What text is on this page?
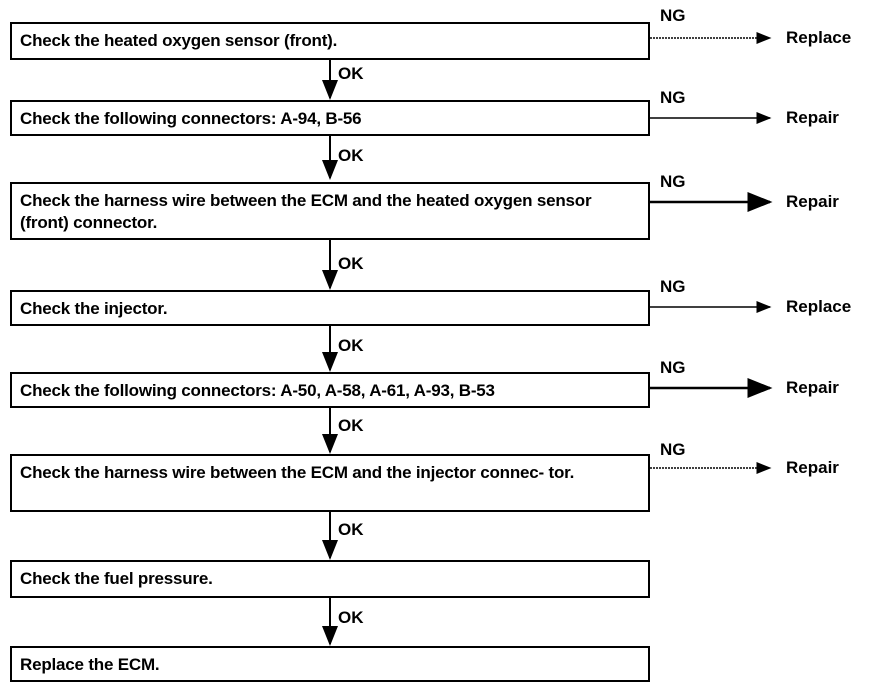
Check the heated oxygen sensor (front).
Check the following connectors: A-94, B-56
Check the harness wire between the ECM and the heated oxygen sensor (front) connector.
Check the injector.
Check the following connectors: A-50, A-58, A-61, A-93, B-53
Check the harness wire between the ECM and the injector connec- tor.
Check the fuel pressure.
Replace the ECM.
OK
OK
OK
OK
OK
OK
OK
NG
NG
NG
NG
NG
NG
Replace
Repair
Repair
Replace
Repair
Repair
